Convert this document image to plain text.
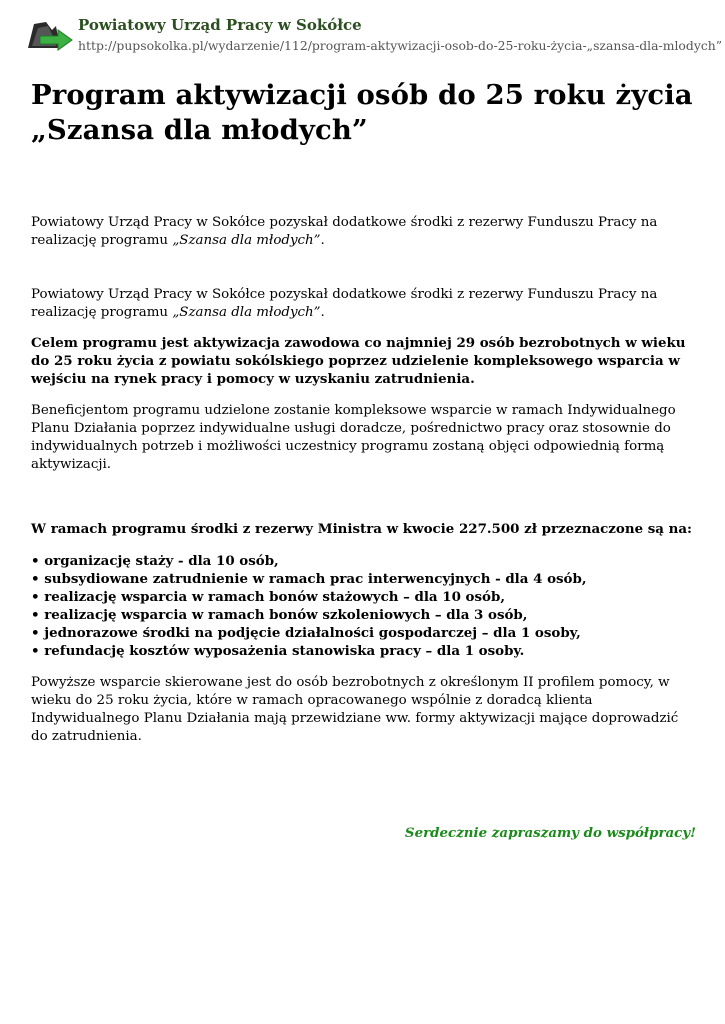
Powiatowy Urząd Pracy w Sokółce
http://pupsokolka.pl/wydarzenie/112/program-aktywizacji-osob-do-25-roku-życia-„szansa-dla-mlodych”
Program aktywizacji osób do 25 roku życia
„Szansa dla młodych”

Powiatowy Urząd Pracy w Sokółce pozyskał dodatkowe środki z rezerwy Funduszu Pracy na realizację programu „Szansa dla młodych”.

Powiatowy Urząd Pracy w Sokółce pozyskał dodatkowe środki z rezerwy Funduszu Pracy na realizację programu „Szansa dla młodych”.

Celem programu jest aktywizacja zawodowa co najmniej 29 osób bezrobotnych w wieku do 25 roku życia z powiatu sokólskiego poprzez udzielenie kompleksowego wsparcia w wejściu na rynek pracy i pomocy w uzyskaniu zatrudnienia.

Beneficjentom programu udzielone zostanie kompleksowe wsparcie w ramach Indywidualnego Planu Działania poprzez indywidualne usługi doradcze, pośrednictwo pracy oraz stosownie do indywidualnych potrzeb i możliwości uczestnicy programu zostaną objęci odpowiednią formą aktywizacji.

W ramach programu środki z rezerwy Ministra w kwocie 227.500 zł przeznaczone są na:

• organizację staży - dla 10 osób,
• subsydiowane zatrudnienie w ramach prac interwencyjnych - dla 4 osób,
• realizację wsparcia w ramach bonów stażowych – dla 10 osób,
• realizację wsparcia w ramach bonów szkoleniowych – dla 3 osób,
• jednorazowe środki na podjęcie działalności gospodarczej – dla 1 osoby,
• refundację kosztów wyposażenia stanowiska pracy – dla 1 osoby.

Powyższe wsparcie skierowane jest do osób bezrobotnych z określonym II profilem pomocy, w wieku do 25 roku życia, które w ramach opracowanego wspólnie z doradcą klienta Indywidualnego Planu Działania mają przewidziane ww. formy aktywizacji mające doprowadzić do zatrudnienia.

Serdecznie zapraszamy do współpracy!
